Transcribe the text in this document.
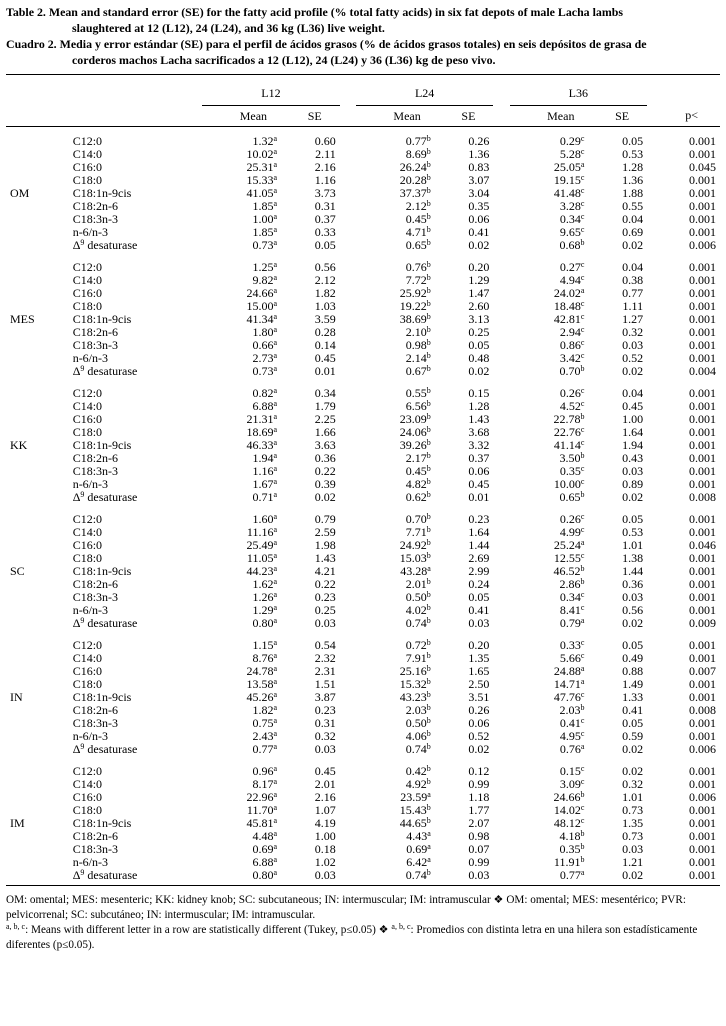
Table 2. Mean and standard error (SE) for the fatty acid profile (% total fatty acids) in six fat depots of male Lacha lambs
slaughtered at 12 (L12), 24 (L24), and 36 kg (L36) live weight.
Cuadro 2. Media y error estándar (SE) para el perfil de ácidos grasos (% de ácidos grasos totales) en seis depósitos de grasa de
corderos machos Lacha sacrificados a 12 (L12), 24 (L24) y 36 (L36) kg de peso vivo.

		L12			L24			L36			
		Mean	SE		Mean	SE		Mean	SE		p<

	C12:0	1.32$^a$	0.60		0.77$^b$	0.26		0.29$^c$	0.05		0.001
	C14:0	10.02$^a$	2.11		8.69$^b$	1.36		5.28$^c$	0.53		0.001
	C16:0	25.31$^a$	2.16		26.24$^b$	0.83		25.05$^a$	1.28		0.045
	C18:0	15.33$^a$	1.16		20.28$^b$	3.07		19.15$^c$	1.36		0.001
OM	C18:1n-9cis	41.05$^a$	3.73		37.37$^b$	3.04		41.48$^c$	1.88		0.001
	C18:2n-6	1.85$^a$	0.31		2.12$^b$	0.35		3.28$^c$	0.55		0.001
	C18:3n-3	1.00$^a$	0.37		0.45$^b$	0.06		0.34$^c$	0.04		0.001
	n-6/n-3	1.85$^a$	0.33		4.71$^b$	0.41		9.65$^c$	0.69		0.001
	$\Delta^9$ desaturase	0.73$^a$	0.05		0.65$^b$	0.02		0.68$^b$	0.02		0.006

	C12:0	1.25$^a$	0.56		0.76$^b$	0.20		0.27$^c$	0.04		0.001
	C14:0	9.82$^a$	2.12		7.72$^b$	1.29		4.94$^c$	0.38		0.001
	C16:0	24.66$^a$	1.82		25.92$^b$	1.47		24.02$^a$	0.77		0.001
	C18:0	15.00$^a$	1.03		19.22$^b$	2.60		18.48$^c$	1.11		0.001
MES	C18:1n-9cis	41.34$^a$	3.59		38.69$^b$	3.13		42.81$^c$	1.27		0.001
	C18:2n-6	1.80$^a$	0.28		2.10$^b$	0.25		2.94$^c$	0.32		0.001
	C18:3n-3	0.66$^a$	0.14		0.98$^b$	0.05		0.86$^c$	0.03		0.001
	n-6/n-3	2.73$^a$	0.45		2.14$^b$	0.48		3.42$^c$	0.52		0.001
	$\Delta^9$ desaturase	0.73$^a$	0.01		0.67$^b$	0.02		0.70$^b$	0.02		0.004

	C12:0	0.82$^a$	0.34		0.55$^b$	0.15		0.26$^c$	0.04		0.001
	C14:0	6.88$^a$	1.79		6.56$^b$	1.28		4.52$^c$	0.45		0.001
	C16:0	21.31$^a$	2.25		23.09$^b$	1.43		22.78$^b$	1.00		0.001
	C18:0	18.69$^a$	1.66		24.06$^b$	3.68		22.76$^c$	1.64		0.001
KK	C18:1n-9cis	46.33$^a$	3.63		39.26$^b$	3.32		41.14$^c$	1.94		0.001
	C18:2n-6	1.94$^a$	0.36		2.17$^b$	0.37		3.50$^b$	0.43		0.001
	C18:3n-3	1.16$^a$	0.22		0.45$^b$	0.06		0.35$^c$	0.03		0.001
	n-6/n-3	1.67$^a$	0.39		4.82$^b$	0.45		10.00$^c$	0.89		0.001
	$\Delta^9$ desaturase	0.71$^a$	0.02		0.62$^b$	0.01		0.65$^b$	0.02		0.008

	C12:0	1.60$^a$	0.79		0.70$^b$	0.23		0.26$^c$	0.05		0.001
	C14:0	11.16$^a$	2.59		7.71$^b$	1.64		4.99$^c$	0.53		0.001
	C16:0	25.49$^a$	1.98		24.92$^b$	1.44		25.24$^a$	1.01		0.046
	C18:0	11.05$^a$	1.43		15.03$^b$	2.69		12.55$^c$	1.38		0.001
SC	C18:1n-9cis	44.23$^a$	4.21		43.28$^a$	2.99		46.52$^b$	1.44		0.001
	C18:2n-6	1.62$^a$	0.22		2.01$^b$	0.24		2.86$^b$	0.36		0.001
	C18:3n-3	1.26$^a$	0.23		0.50$^b$	0.05		0.34$^c$	0.03		0.001
	n-6/n-3	1.29$^a$	0.25		4.02$^b$	0.41		8.41$^c$	0.56		0.001
	$\Delta^9$ desaturase	0.80$^a$	0.03		0.74$^b$	0.03		0.79$^a$	0.02		0.009

	C12:0	1.15$^a$	0.54		0.72$^b$	0.20		0.33$^c$	0.05		0.001
	C14:0	8.76$^a$	2.32		7.91$^b$	1.35		5.66$^c$	0.49		0.001
	C16:0	24.78$^a$	2.31		25.16$^b$	1.65		24.88$^a$	0.88		0.007
	C18:0	13.58$^a$	1.51		15.32$^b$	2.50		14.71$^a$	1.49		0.001
IN	C18:1n-9cis	45.26$^a$	3.87		43.23$^b$	3.51		47.76$^c$	1.33		0.001
	C18:2n-6	1.82$^a$	0.23		2.03$^b$	0.26		2.03$^b$	0.41		0.008
	C18:3n-3	0.75$^a$	0.31		0.50$^b$	0.06		0.41$^c$	0.05		0.001
	n-6/n-3	2.43$^a$	0.32		4.06$^b$	0.52		4.95$^c$	0.59		0.001
	$\Delta^9$ desaturase	0.77$^a$	0.03		0.74$^b$	0.02		0.76$^a$	0.02		0.006

	C12:0	0.96$^a$	0.45		0.42$^b$	0.12		0.15$^c$	0.02		0.001
	C14:0	8.17$^a$	2.01		4.92$^b$	0.99		3.09$^c$	0.32		0.001
	C16:0	22.96$^a$	2.16		23.59$^a$	1.18		24.66$^b$	1.01		0.006
	C18:0	11.70$^a$	1.07		15.43$^b$	1.77		14.02$^c$	0.73		0.001
IM	C18:1n-9cis	45.81$^a$	4.19		44.65$^b$	2.07		48.12$^c$	1.35		0.001
	C18:2n-6	4.48$^a$	1.00		4.43$^a$	0.98		4.18$^b$	0.73		0.001
	C18:3n-3	0.69$^a$	0.18		0.69$^a$	0.07		0.35$^b$	0.03		0.001
	n-6/n-3	6.88$^a$	1.02		6.42$^a$	0.99		11.91$^b$	1.21		0.001
	$\Delta^9$ desaturase	0.80$^a$	0.03		0.74$^b$	0.03		0.77$^a$	0.02		0.001

OM: omental; MES: mesenteric; KK: kidney knob; SC: subcutaneous; IN: intermuscular; IM: intramuscular ❖ OM: omental; MES: mesentérico; PVR: pelvicorrenal; SC: subcutáneo; IN: intermuscular; IM: intramuscular.
$^{a, b, c}$: Means with different letter in a row are statistically different (Tukey, p≤0.05) ❖ $^{a, b, c}$: Promedios con distinta letra en una hilera son estadísticamente diferentes (p≤0.05).
